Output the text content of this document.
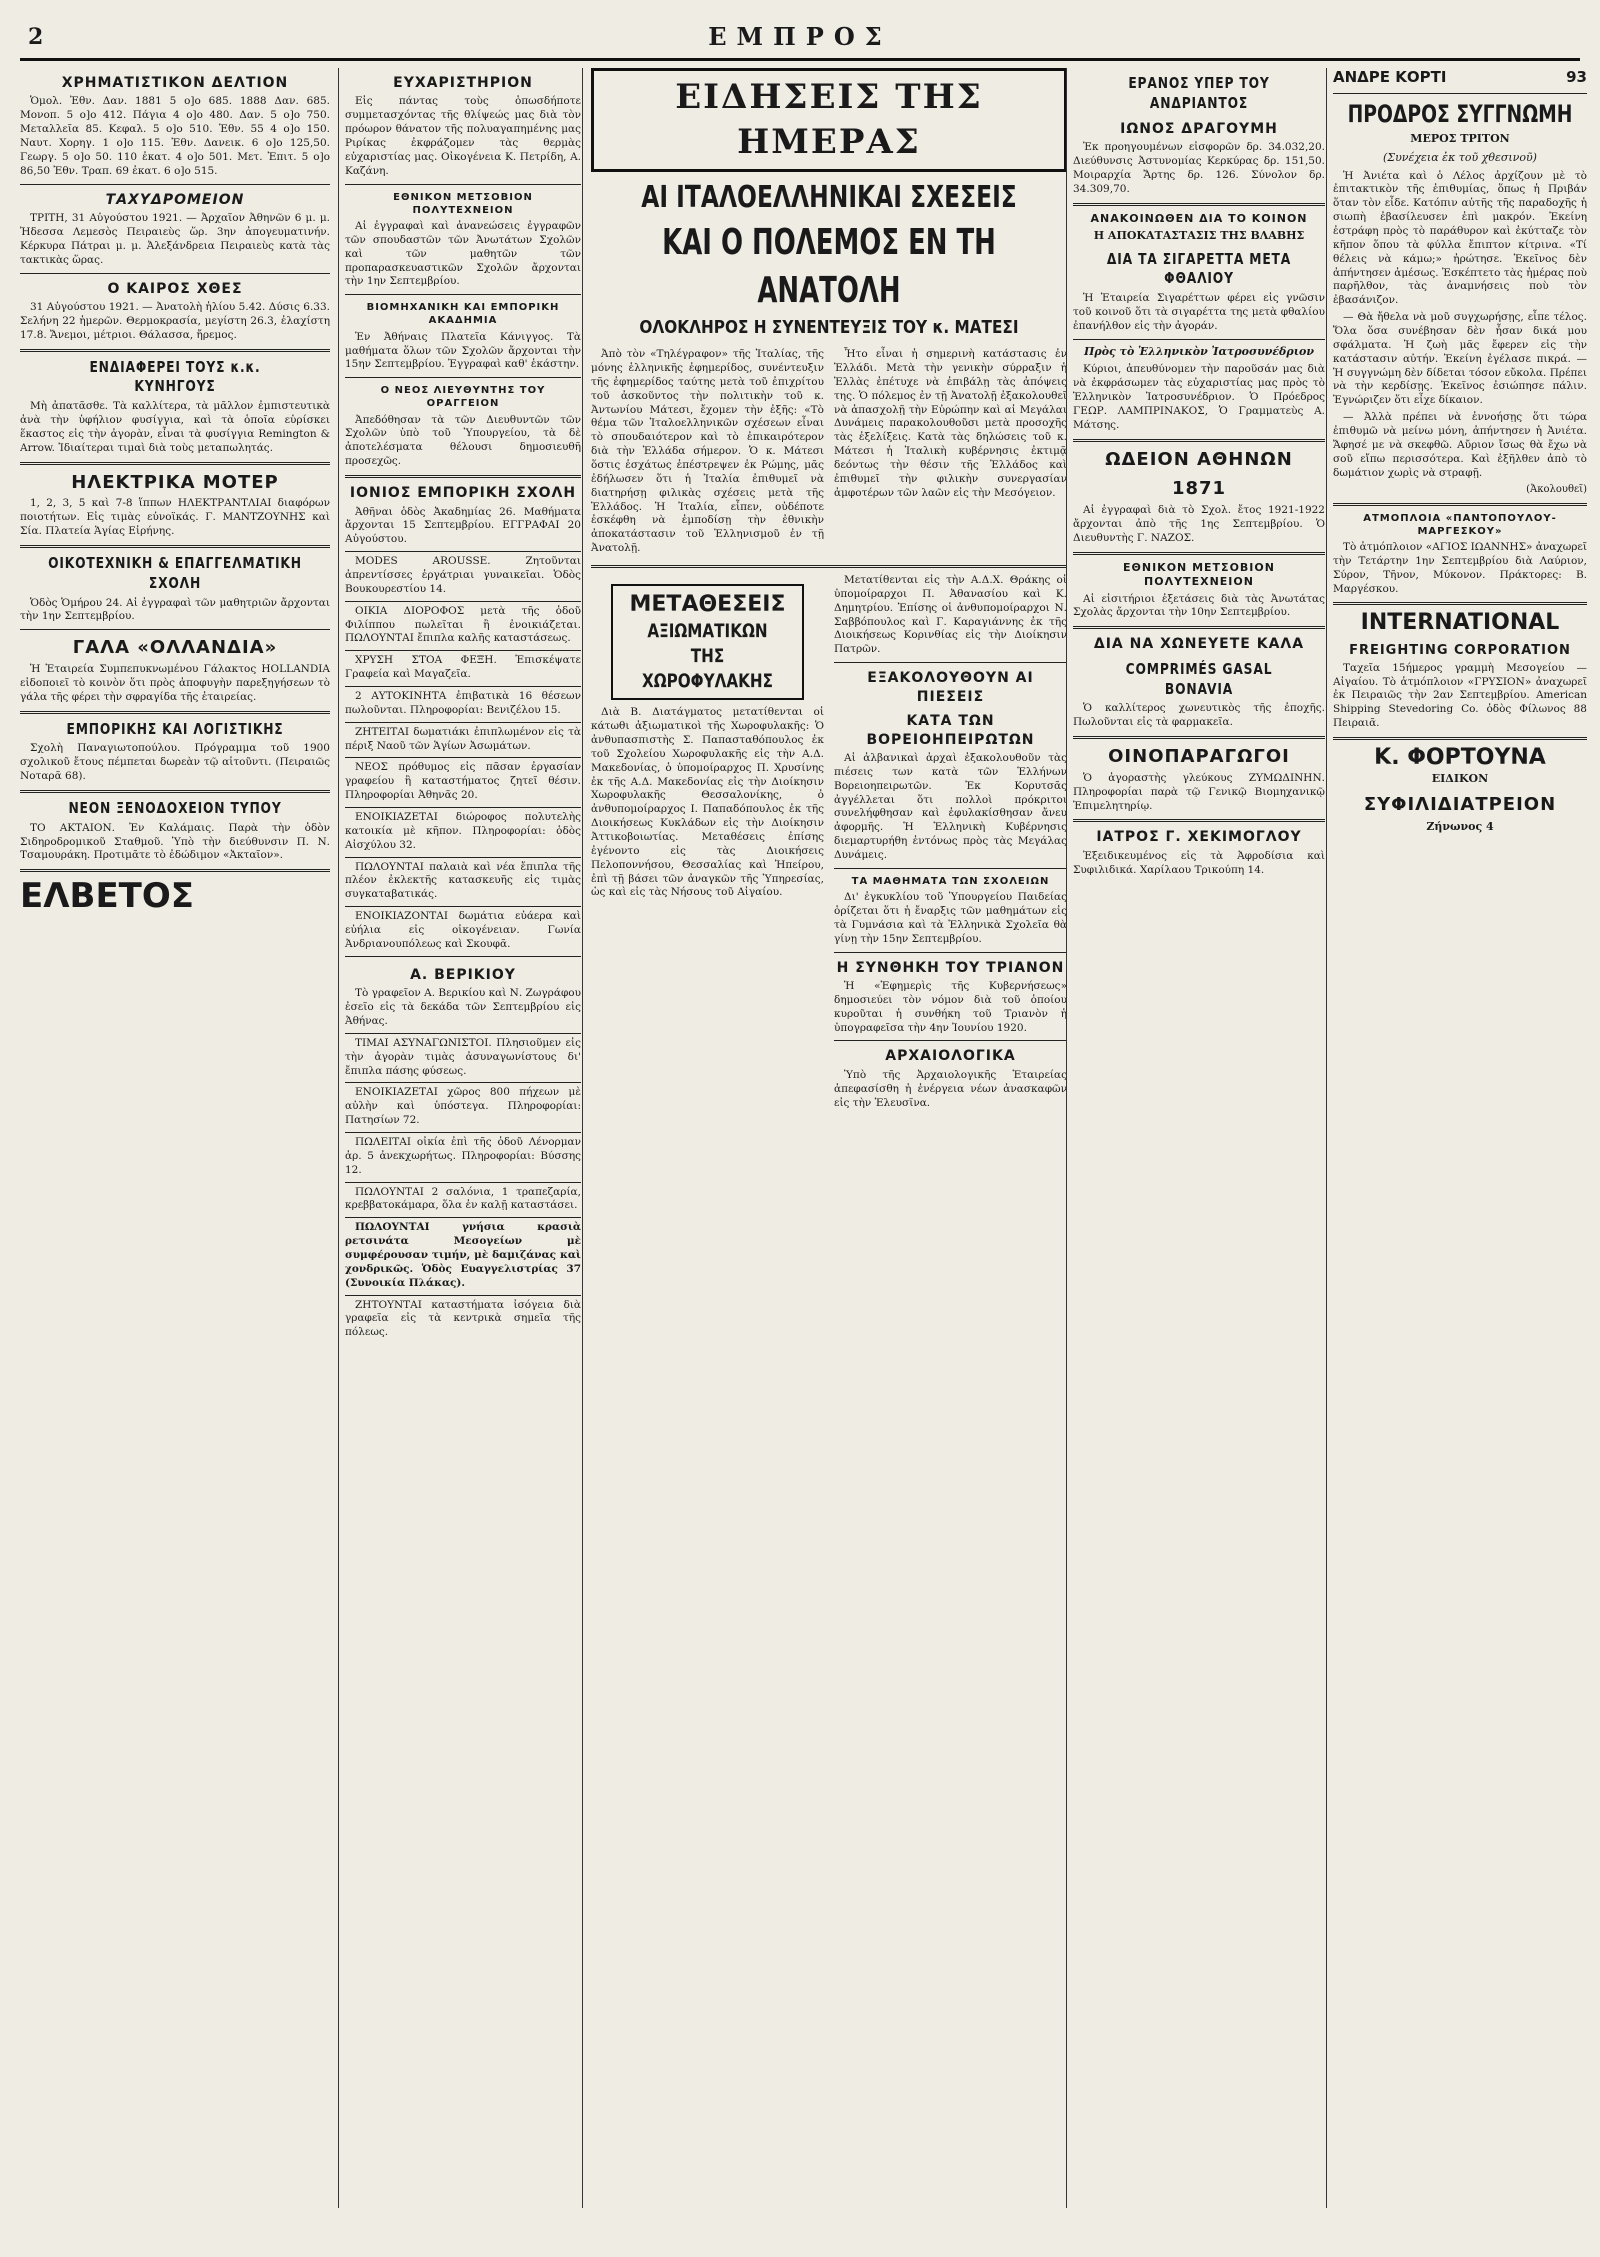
2	ΕΜΠΡΟΣ
ΧΡΗΜΑΤΙΣΤΙΚΟΝ ΔΕΛΤΙΟΝ

Ὁμολ. Ἐθν. Δαν. 1881 5 ο]ο 685. 1888 Δαν. 685. Μονοπ. 5 ο]ο 412. Πάγια 4 ο]ο 480. Δαν. 5 ο]ο 750. Μεταλλεῖα 85. Κεφαλ. 5 ο]ο 510. Ἐθν. 55 4 ο]ο 150. Ναυτ. Χορηγ. 1 ο]ο 115. Ἐθν. Δανεικ. 6 ο]ο 125,50. Γεωργ. 5 ο]ο 50. 110 ἐκατ. 4 ο]ο 501. Μετ. Ἐπιτ. 5 ο]ο 86,50 Ἐθν. Τραπ. 69 ἐκατ. 6 ο]ο 515.

ΤΑΧΥΔΡΟΜΕΙΟΝ

ΤΡΙΤΗ, 31 Αὐγούστου 1921. — Ἀρχαῖον Ἀθηνῶν 6 μ. μ. Ἠδεσσα Λεμεσὸς Πειραιεὺς ὥρ. 3ην ἀπογευματινήν. Κέρκυρα Πάτραι μ. μ. Ἀλεξάνδρεια Πειραιεὺς κατὰ τὰς τακτικὰς ὥρας.

Ο ΚΑΙΡΟΣ ΧΘΕΣ

31 Αὐγούστου 1921. — Ἀνατολὴ ἡλίου 5.42. Δύσις 6.33. Σελήνη 22 ἡμερῶν. Θερμοκρασία, μεγίστη 26.3, ἐλαχίστη 17.8. Ἄνεμοι, μέτριοι. Θάλασσα, ἤρεμος.

ΕΝΔΙΑΦΕΡΕΙ ΤΟΥΣ κ.κ. ΚΥΝΗΓΟΥΣ

Μὴ ἀπατᾶσθε. Τὰ καλλίτερα, τὰ μᾶλλον ἐμπιστευτικὰ ἀνὰ τὴν ὑφήλιον φυσίγγια, καὶ τὰ ὁποῖα εὑρίσκει ἕκαστος εἰς τὴν ἀγορὰν, εἶναι τὰ φυσίγγια Remington & Arrow. Ἰδιαίτεραι τιμαὶ διὰ τοὺς μεταπωλητάς.

ΗΛΕΚΤΡΙΚΑ ΜΟΤΕΡ

1, 2, 3, 5 καὶ 7-8 ἵππων ΗΛΕΚΤΡΑΝΤΛΙΑΙ διαφόρων ποιοτήτων. Εἰς τιμὰς εὐνοϊκάς. Γ. ΜΑΝΤΖΟΥΝΗΣ καὶ Σία. Πλατεία Ἁγίας Εἰρήνης.

ΟΙΚΟΤΕΧΝΙΚΗ & ΕΠΑΓΓΕΛΜΑΤΙΚΗ ΣΧΟΛΗ

Ὁδὸς Ὁμήρου 24. Αἱ ἐγγραφαὶ τῶν μαθητριῶν ἄρχονται τὴν 1ην Σεπτεμβρίου.

ΓΑΛΑ «ΟΛΛΑΝΔΙΑ»

Ἡ Ἑταιρεία Συμπεπυκνωμένου Γάλακτος HOLLANDIA εἰδοποιεῖ τὸ κοινὸν ὅτι πρὸς ἀποφυγὴν παρεξηγήσεων τὸ γάλα τῆς φέρει τὴν σφραγίδα τῆς ἐταιρείας.

ΕΜΠΟΡΙΚΗΣ ΚΑΙ ΛΟΓΙΣΤΙΚΗΣ

Σχολὴ Παναγιωτοπούλου. Πρόγραμμα τοῦ 1900 σχολικοῦ ἔτους πέμπεται δωρεὰν τῷ αἰτοῦντι. (Πειραιῶς Νοταρᾶ 68).

ΝΕΟΝ ΞΕΝΟΔΟΧΕΙΟΝ ΤΥΠΟΥ

ΤΟ ΑΚΤΑΙΟΝ. Ἐν Καλάμαις. Παρὰ τὴν ὁδὸν Σιδηροδρομικοῦ Σταθμοῦ. Ὑπὸ τὴν διεύθυνσιν Π. Ν. Τσαμουράκη. Προτιμᾶτε τὸ ἐδώδιμον «Ἀκταῖον».

ΕΛΒΕΤΟΣ
ΕΥΧΑΡΙΣΤΗΡΙΟΝ

Εἰς πάντας τοὺς ὁπωσδήποτε συμμετασχόντας τῆς θλίψεώς μας διὰ τὸν πρόωρον θάνατον τῆς πολυαγαπημένης μας Ριρίκας ἐκφράζομεν τὰς θερμὰς εὐχαριστίας μας. Οἰκογένεια Κ. Πετρίδη, Α. Καζάνη.

ΕΘΝΙΚΟΝ ΜΕΤΣΟΒΙΟΝ ΠΟΛΥΤΕΧΝΕΙΟΝ

Αἱ ἐγγραφαὶ καὶ ἀνανεώσεις ἐγγραφῶν τῶν σπουδαστῶν τῶν Ἀνωτάτων Σχολῶν καὶ τῶν μαθητῶν τῶν προπαρασκευαστικῶν Σχολῶν ἄρχονται τὴν 1ην Σεπτεμβρίου.

ΒΙΟΜΗΧΑΝΙΚΗ ΚΑΙ ΕΜΠΟΡΙΚΗ ΑΚΑΔΗΜΙΑ

Ἐν Ἀθήναις Πλατεῖα Κάνιγγος. Τὰ μαθήματα ὅλων τῶν Σχολῶν ἄρχονται τὴν 15ην Σεπτεμβρίου. Ἐγγραφαὶ καθ' ἑκάστην.

Ο ΝΕΟΣ ΛΙΕΥΘΥΝΤΗΣ ΤΟΥ ΟΡΑΓΓΕΙΟΝ

Ἀπεδόθησαν τὰ τῶν Διευθυντῶν τῶν Σχολῶν ὑπὸ τοῦ Ὑπουργείου, τὰ δὲ ἀποτελέσματα θέλουσι δημοσιευθῆ προσεχῶς.

ΙΟΝΙΟΣ ΕΜΠΟΡΙΚΗ ΣΧΟΛΗ

Ἀθῆναι ὁδὸς Ἀκαδημίας 26. Μαθήματα ἄρχονται 15 Σεπτεμβρίου. ΕΓΓΡΑΦΑΙ 20 Αὐγούστου.

MODES AROUSSE. Ζητοῦνται ἀπρεντίσσες ἐργάτριαι γυναικεῖαι. Ὁδὸς Βουκουρεστίου 14.

ΟΙΚΙΑ ΔΙΟΡΟΦΟΣ μετὰ τῆς ὁδοῦ Φιλίππου πωλεῖται ἢ ἐνοικιάζεται. ΠΩΛΟΥΝΤΑΙ ἔπιπλα καλῆς καταστάσεως.

ΧΡΥΣΗ ΣΤΟΑ ΦΕΞΗ. Ἐπισκέψατε Γραφεία καὶ Μαγαζεῖα.

2 ΑΥΤΟΚΙΝΗΤΑ ἐπιβατικὰ 16 θέσεων πωλοῦνται. Πληροφορίαι: Βενιζέλου 15.

ΖΗΤΕΙΤΑΙ δωματιάκι ἐπιπλωμένον εἰς τὰ πέριξ Ναοῦ τῶν Ἁγίων Ἀσωμάτων.

ΝΕΟΣ πρόθυμος εἰς πᾶσαν ἐργασίαν γραφείου ἢ καταστήματος ζητεῖ θέσιν. Πληροφορίαι Ἀθηνᾶς 20.

ΕΝΟΙΚΙΑΖΕΤΑΙ διώροφος πολυτελὴς κατοικία μὲ κῆπον. Πληροφορίαι: ὁδὸς Αἰσχύλου 32.

ΠΩΛΟΥΝΤΑΙ παλαιὰ καὶ νέα ἔπιπλα τῆς πλέον ἐκλεκτῆς κατασκευῆς εἰς τιμὰς συγκαταβατικάς.

ΕΝΟΙΚΙΑΖΟΝΤΑΙ δωμάτια εὐάερα καὶ εὐήλια εἰς οἰκογένειαν. Γωνία Ἀνδριανουπόλεως καὶ Σκουφᾶ.

Α. ΒΕΡΙΚΙΟΥ

Τὸ γραφεῖον Α. Βερικίου καὶ Ν. Ζωγράφου ἐσεῖο εἰς τὰ δεκάδα τῶν Σεπτεμβρίου εἰς Ἀθήνας.

ΤΙΜΑΙ ΑΣΥΝΑΓΩΝΙΣΤΟΙ. Πλησιοῦμεν εἰς τὴν ἀγορὰν τιμὰς ἀσυναγωνίστους δι' ἔπιπλα πάσης φύσεως.

ΕΝΟΙΚΙΑΖΕΤΑΙ χῶρος 800 πήχεων μὲ αὐλὴν καὶ ὑπόστεγα. Πληροφορίαι: Πατησίων 72.

ΠΩΛΕΙΤΑΙ οἰκία ἐπὶ τῆς ὁδοῦ Λένορμαν ἀρ. 5 ἀνεκχωρήτως. Πληροφορίαι: Βύσσης 12.

ΠΩΛΟΥΝΤΑΙ 2 σαλόνια, 1 τραπεζαρία, κρεββατοκάμαρα, ὅλα ἐν καλῇ καταστάσει.

ΠΩΛΟΥΝΤΑΙ γνήσια κρασιὰ ρετσινάτα Μεσογείων μὲ συμφέρουσαν τιμήν, μὲ δαμιζάνας καὶ χονδρικῶς. Ὁδὸς Ευαγγελιστρίας 37 (Συνοικία Πλάκας).

ΖΗΤΟΥΝΤΑΙ καταστήματα ἰσόγεια διὰ γραφεῖα εἰς τὰ κεντρικὰ σημεῖα τῆς πόλεως.

ΕΙΔΗΣΕΙΣ ΤΗΣ ΗΜΕΡΑΣ
ΑΙ ΙΤΑΛΟΕΛΛΗΝΙΚΑΙ ΣΧΕΣΕΙΣ
ΚΑΙ Ο ΠΟΛΕΜΟΣ ΕΝ ΤΗ ΑΝΑΤΟΛΗ
ΟΛΟΚΛΗΡΟΣ Η ΣΥΝΕΝΤΕΥΞΙΣ ΤΟΥ κ. ΜΑΤΕΣΙ

Ἀπὸ τὸν «Τηλέγραφον» τῆς Ἰταλίας, τῆς μόνης ἑλληνικῆς ἐφημερίδος, συνέντευξιν τῆς ἐφημερίδος ταύτης μετὰ τοῦ ἐπιχρίτου τοῦ ἀσκοῦντος τὴν πολιτικὴν τοῦ κ. Ἀντωνίου Μάτεσι, ἔχομεν τὴν ἐξῆς: «Τὸ θέμα τῶν Ἰταλοελληνικῶν σχέσεων εἶναι τὸ σπουδαιότερον καὶ τὸ ἐπικαιρότερον διὰ τὴν Ἑλλάδα σήμερον. Ὁ κ. Μάτεσι ὅστις ἐσχάτως ἐπέστρεψεν ἐκ Ρώμης, μᾶς ἐδήλωσεν ὅτι ἡ Ἰταλία ἐπιθυμεῖ νὰ διατηρήσῃ φιλικὰς σχέσεις μετὰ τῆς Ἑλλάδος. Ἡ Ἰταλία, εἶπεν, οὐδέποτε ἐσκέφθη νὰ ἐμποδίσῃ τὴν ἐθνικὴν ἀποκατάστασιν τοῦ Ἑλληνισμοῦ ἐν τῇ Ἀνατολῇ.

Ἦτο εἶναι ἡ σημερινὴ κατάστασις ἐν Ἑλλάδι. Μετὰ τὴν γενικὴν σύρραξιν ἡ Ἑλλὰς ἐπέτυχε νὰ ἐπιβάλῃ τὰς ἀπόψεις της. Ὁ πόλεμος ἐν τῇ Ἀνατολῇ ἐξακολουθεῖ νὰ ἀπασχολῇ τὴν Εὐρώπην καὶ αἱ Μεγάλαι Δυνάμεις παρακολουθοῦσι μετὰ προσοχῆς τὰς ἐξελίξεις. Κατὰ τὰς δηλώσεις τοῦ κ. Μάτεσι ἡ Ἰταλικὴ κυβέρνησις ἐκτιμᾷ δεόντως τὴν θέσιν τῆς Ἑλλάδος καὶ ἐπιθυμεῖ τὴν φιλικὴν συνεργασίαν ἀμφοτέρων τῶν λαῶν εἰς τὴν Μεσόγειον.

ΜΕΤΑΘΕΣΕΙΣ
ΑΞΙΩΜΑΤΙΚΩΝ ΤΗΣ ΧΩΡΟΦΥΛΑΚΗΣ

Διὰ Β. Διατάγματος μετατίθενται οἱ κάτωθι ἀξιωματικοὶ τῆς Χωροφυλακῆς: Ὁ ἀνθυπασπιστὴς Σ. Παπασταθόπουλος ἐκ τοῦ Σχολείου Χωροφυλακῆς εἰς τὴν Α.Δ. Μακεδονίας, ὁ ὑπομοίραρχος Π. Χρυσίνης ἐκ τῆς Α.Δ. Μακεδονίας εἰς τὴν Διοίκησιν Χωροφυλακῆς Θεσσαλονίκης, ὁ ἀνθυπομοίραρχος Ι. Παπαδόπουλος ἐκ τῆς Διοικήσεως Κυκλάδων εἰς τὴν Διοίκησιν Ἀττικοβοιωτίας. Μεταθέσεις ἐπίσης ἐγένοντο εἰς τὰς Διοικήσεις Πελοποννήσου, Θεσσαλίας καὶ Ἠπείρου, ἐπὶ τῇ βάσει τῶν ἀναγκῶν τῆς Ὑπηρεσίας, ὡς καὶ εἰς τὰς Νήσους τοῦ Αἰγαίου.

Μετατίθενται εἰς τὴν Α.Δ.Χ. Θράκης οἱ ὑπομοίραρχοι Π. Ἀθανασίου καὶ Κ. Δημητρίου. Ἐπίσης οἱ ἀνθυπομοίραρχοι Ν. Σαββόπουλος καὶ Γ. Καραγιάννης ἐκ τῆς Διοικήσεως Κορινθίας εἰς τὴν Διοίκησιν Πατρῶν.

ΕΞΑΚΟΛΟΥΘΟΥΝ ΑΙ ΠΙΕΣΕΙΣ
ΚΑΤΑ ΤΩΝ ΒΟΡΕΙΟΗΠΕΙΡΩΤΩΝ

Αἱ ἀλβανικαὶ ἀρχαὶ ἐξακολουθοῦν τὰς πιέσεις των κατὰ τῶν Ἑλλήνων Βορειοηπειρωτῶν. Ἐκ Κορυτσᾶς ἀγγέλλεται ὅτι πολλοὶ πρόκριτοι συνελήφθησαν καὶ ἐφυλακίσθησαν ἄνευ ἀφορμῆς. Ἡ Ἑλληνικὴ Κυβέρνησις διεμαρτυρήθη ἐντόνως πρὸς τὰς Μεγάλας Δυνάμεις.

ΤΑ ΜΑΘΗΜΑΤΑ ΤΩΝ ΣΧΟΛΕΙΩΝ

Δι' ἐγκυκλίου τοῦ Ὑπουργείου Παιδείας ὁρίζεται ὅτι ἡ ἔναρξις τῶν μαθημάτων εἰς τὰ Γυμνάσια καὶ τὰ Ἑλληνικὰ Σχολεῖα θὰ γίνῃ τὴν 15ην Σεπτεμβρίου.

Η ΣΥΝΘΗΚΗ ΤΟΥ ΤΡΙΑΝΟΝ

Ἡ «Ἐφημερὶς τῆς Κυβερνήσεως» δημοσιεύει τὸν νόμον διὰ τοῦ ὁποίου κυροῦται ἡ συνθήκη τοῦ Τριανὸν ἡ ὑπογραφεῖσα τὴν 4ην Ἰουνίου 1920.

ΑΡΧΑΙΟΛΟΓΙΚΑ

Ὑπὸ τῆς Ἀρχαιολογικῆς Ἑταιρείας ἀπεφασίσθη ἡ ἐνέργεια νέων ἀνασκαφῶν εἰς τὴν Ἐλευσῖνα.

ΕΡΑΝΟΣ ΥΠΕΡ ΤΟΥ ΑΝΔΡΙΑΝΤΟΣ
ΙΩΝΟΣ ΔΡΑΓΟΥΜΗ

Ἐκ προηγουμένων εἰσφορῶν δρ. 34.032,20. Διεύθυνσις Ἀστυνομίας Κερκύρας δρ. 151,50. Μοιραρχία Ἄρτης δρ. 126. Σύνολον δρ. 34.309,70.

ΑΝΑΚΟΙΝΩΘΕΝ ΔΙΑ ΤΟ ΚΟΙΝΟΝ
Η ΑΠΟΚΑΤΑΣΤΑΣΙΣ ΤΗΣ ΒΛΑΒΗΣ
ΔΙΑ ΤΑ ΣΙΓΑΡΕΤΤΑ ΜΕΤΑ ΦΘΑΛΙΟΥ

Ἡ Ἐταιρεία Σιγαρέττων φέρει εἰς γνῶσιν τοῦ κοινοῦ ὅτι τὰ σιγαρέττα της μετὰ φθαλίου ἐπανήλθον εἰς τὴν ἀγοράν.

Πρὸς τὸ Ἑλληνικὸν Ἰατροσυνέδριον

Κύριοι, ἀπευθύνομεν τὴν παροῦσάν μας διὰ νὰ ἐκφράσωμεν τὰς εὐχαριστίας μας πρὸς τὸ Ἑλληνικὸν Ἰατροσυνέδριον. Ὁ Πρόεδρος ΓΕΩΡ. ΛΑΜΠΡΙΝΑΚΟΣ, Ὁ Γραμματεὺς Α. Μάτσης.

ΩΔΕΙΟΝ ΑΘΗΝΩΝ
1871

Αἱ ἐγγραφαὶ διὰ τὸ Σχολ. ἔτος 1921-1922 ἄρχονται ἀπὸ τῆς 1ης Σεπτεμβρίου. Ὁ Διευθυντὴς Γ. ΝΑΖΟΣ.

ΕΘΝΙΚΟΝ ΜΕΤΣΟΒΙΟΝ ΠΟΛΥΤΕΧΝΕΙΟΝ

Αἱ εἰσιτήριοι ἐξετάσεις διὰ τὰς Ἀνωτάτας Σχολὰς ἄρχονται τὴν 10ην Σεπτεμβρίου.

ΔΙΑ ΝΑ ΧΩΝΕΥΕΤΕ ΚΑΛΑ
COMPRIMÉS GASAL BONAVIA

Ὁ καλλίτερος χωνευτικὸς τῆς ἐποχῆς. Πωλοῦνται εἰς τὰ φαρμακεῖα.

ΟΙΝΟΠΑΡΑΓΩΓΟΙ

Ὁ ἀγοραστὴς γλεύκους ΖΥΜΩΔΙΝΗΝ. Πληροφορίαι παρὰ τῷ Γενικῷ Βιομηχανικῷ Ἐπιμελητηρίῳ.

ΙΑΤΡΟΣ Γ. ΧΕΚΙΜΟΓΛΟΥ

Ἐξειδικευμένος εἰς τὰ Ἀφροδίσια καὶ Συφιλιδικά. Χαρίλαου Τρικούπη 14.

ΑΝΔΡΕ ΚΟΡΤΙ	93
ΠΡΟΔΡΟΣ ΣΥΓΓΝΩΜΗ
ΜΕΡΟΣ ΤΡΙΤΟΝ
(Συνέχεια ἐκ τοῦ χθεσινοῦ)

Ἡ Ἀνιέτα καὶ ὁ Λέλος ἀρχίζουν μὲ τὸ ἐπιτακτικὸν τῆς ἐπιθυμίας, ὅπως ἡ Πριβάν ὅταν τὸν εἶδε. Κατόπιν αὐτῆς τῆς παραδοχῆς ἡ σιωπὴ ἐβασίλευσεν ἐπὶ μακρόν. Ἐκείνη ἐστράφη πρὸς τὸ παράθυρον καὶ ἐκύτταζε τὸν κῆπον ὅπου τὰ φύλλα ἔπιπτον κίτρινα. «Τί θέλεις νὰ κάμω;» ἠρώτησε. Ἐκεῖνος δὲν ἀπήντησεν ἀμέσως. Ἐσκέπτετο τὰς ἡμέρας ποὺ παρῆλθον, τὰς ἀναμνήσεις ποὺ τὸν ἐβασάνιζον.

— Θὰ ἤθελα νὰ μοῦ συγχωρήσῃς, εἶπε τέλος. Ὅλα ὅσα συνέβησαν δὲν ἦσαν δικά μου σφάλματα. Ἡ ζωὴ μᾶς ἔφερεν εἰς τὴν κατάστασιν αὐτήν. Ἐκείνη ἐγέλασε πικρά. — Ἡ συγγνώμη δὲν δίδεται τόσον εὔκολα. Πρέπει νὰ τὴν κερδίσῃς. Ἐκεῖνος ἐσιώπησε πάλιν. Ἐγνώριζεν ὅτι εἶχε δίκαιον.

— Ἀλλὰ πρέπει νὰ ἐννοήσῃς ὅτι τώρα ἐπιθυμῶ νὰ μείνω μόνη, ἀπήντησεν ἡ Ἀνιέτα. Ἄφησέ με νὰ σκεφθῶ. Αὔριον ἴσως θὰ ἔχω νὰ σοῦ εἴπω περισσότερα. Καὶ ἐξῆλθεν ἀπὸ τὸ δωμάτιον χωρὶς νὰ στραφῇ.

(Ἀκολουθεῖ)
ΑΤΜΟΠΛΟΙΑ «ΠΑΝΤΟΠΟΥΛΟΥ-ΜΑΡΓΕΣΚΟΥ»

Τὸ ἀτμόπλοιον «ΑΓΙΟΣ ΙΩΑΝΝΗΣ» ἀναχωρεῖ τὴν Τετάρτην 1ην Σεπτεμβρίου διὰ Λαύριον, Σύρον, Τῆνον, Μύκονον. Πράκτορες: Β. Μαργέσκου.

INTERNATIONAL
FREIGHTING CORPORATION

Ταχεῖα 15ήμερος γραμμὴ Μεσογείου — Αἰγαίου. Τὸ ἀτμόπλοιον «ΓΡΥΣΙΟΝ» ἀναχωρεῖ ἐκ Πειραιῶς τὴν 2αν Σεπτεμβρίου. American Shipping Stevedoring Co. ὁδὸς Φίλωνος 88 Πειραιᾶ.

Κ. ΦΟΡΤΟΥΝΑ
ΕΙΔΙΚΟΝ
ΣΥΦΙΛΙΔΙΑΤΡΕΙΟΝ
Ζήνωνος 4
